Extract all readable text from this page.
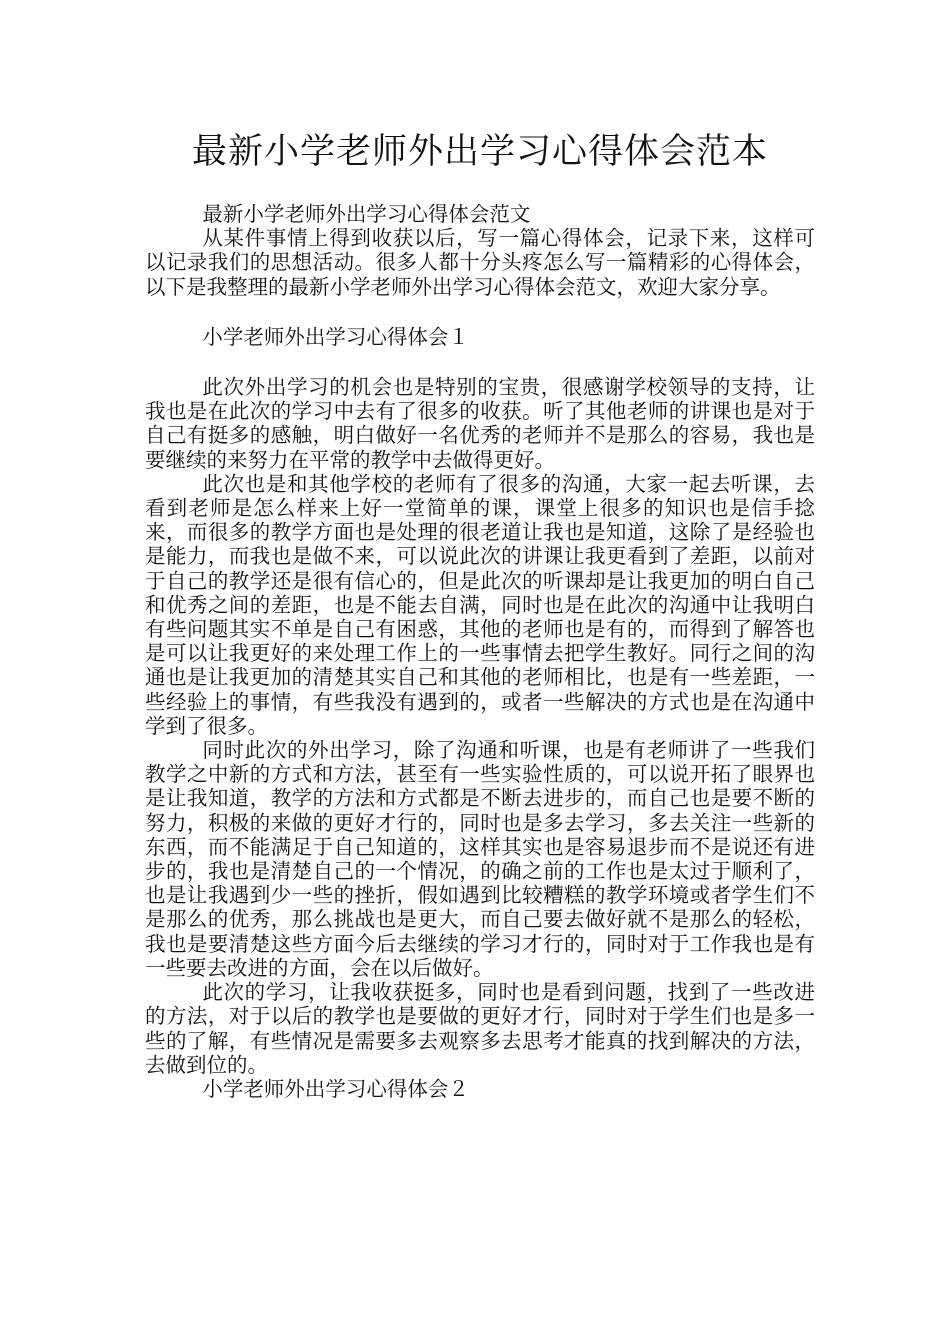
最新小学老师外出学习心得体会范本

最新小学老师外出学习心得体会范文

从某件事情上得到收获以后，写一篇心得体会，记录下来，这样可以记录我们的思想活动。很多人都十分头疼怎么写一篇精彩的心得体会，以下是我整理的最新小学老师外出学习心得体会范文，欢迎大家分享。

小学老师外出学习心得体会１

此次外出学习的机会也是特别的宝贵，很感谢学校领导的支持，让我也是在此次的学习中去有了很多的收获。听了其他老师的讲课也是对于自己有挺多的感触，明白做好一名优秀的老师并不是那么的容易，我也是要继续的来努力在平常的教学中去做得更好。

此次也是和其他学校的老师有了很多的沟通，大家一起去听课，去看到老师是怎么样来上好一堂简单的课，课堂上很多的知识也是信手捻来，而很多的教学方面也是处理的很老道让我也是知道，这除了是经验也是能力，而我也是做不来，可以说此次的讲课让我更看到了差距，以前对于自己的教学还是很有信心的，但是此次的听课却是让我更加的明白自己和优秀之间的差距，也是不能去自满，同时也是在此次的沟通中让我明白有些问题其实不单是自己有困惑，其他的老师也是有的，而得到了解答也是可以让我更好的来处理工作上的一些事情去把学生教好。同行之间的沟通也是让我更加的清楚其实自己和其他的老师相比，也是有一些差距，一些经验上的事情，有些我没有遇到的，或者一些解决的方式也是在沟通中学到了很多。

同时此次的外出学习，除了沟通和听课，也是有老师讲了一些我们教学之中新的方式和方法，甚至有一些实验性质的，可以说开拓了眼界也是让我知道，教学的方法和方式都是不断去进步的，而自己也是要不断的努力，积极的来做的更好才行的，同时也是多去学习，多去关注一些新的东西，而不能满足于自己知道的，这样其实也是容易退步而不是说还有进步的，我也是清楚自己的一个情况，的确之前的工作也是太过于顺利了，也是让我遇到少一些的挫折，假如遇到比较糟糕的教学环境或者学生们不是那么的优秀，那么挑战也是更大，而自己要去做好就不是那么的轻松，我也是要清楚这些方面今后去继续的学习才行的，同时对于工作我也是有一些要去改进的方面，会在以后做好。

此次的学习，让我收获挺多，同时也是看到问题，找到了一些改进的方法，对于以后的教学也是要做的更好才行，同时对于学生们也是多一些的了解，有些情况是需要多去观察多去思考才能真的找到解决的方法，去做到位的。

小学老师外出学习心得体会２
